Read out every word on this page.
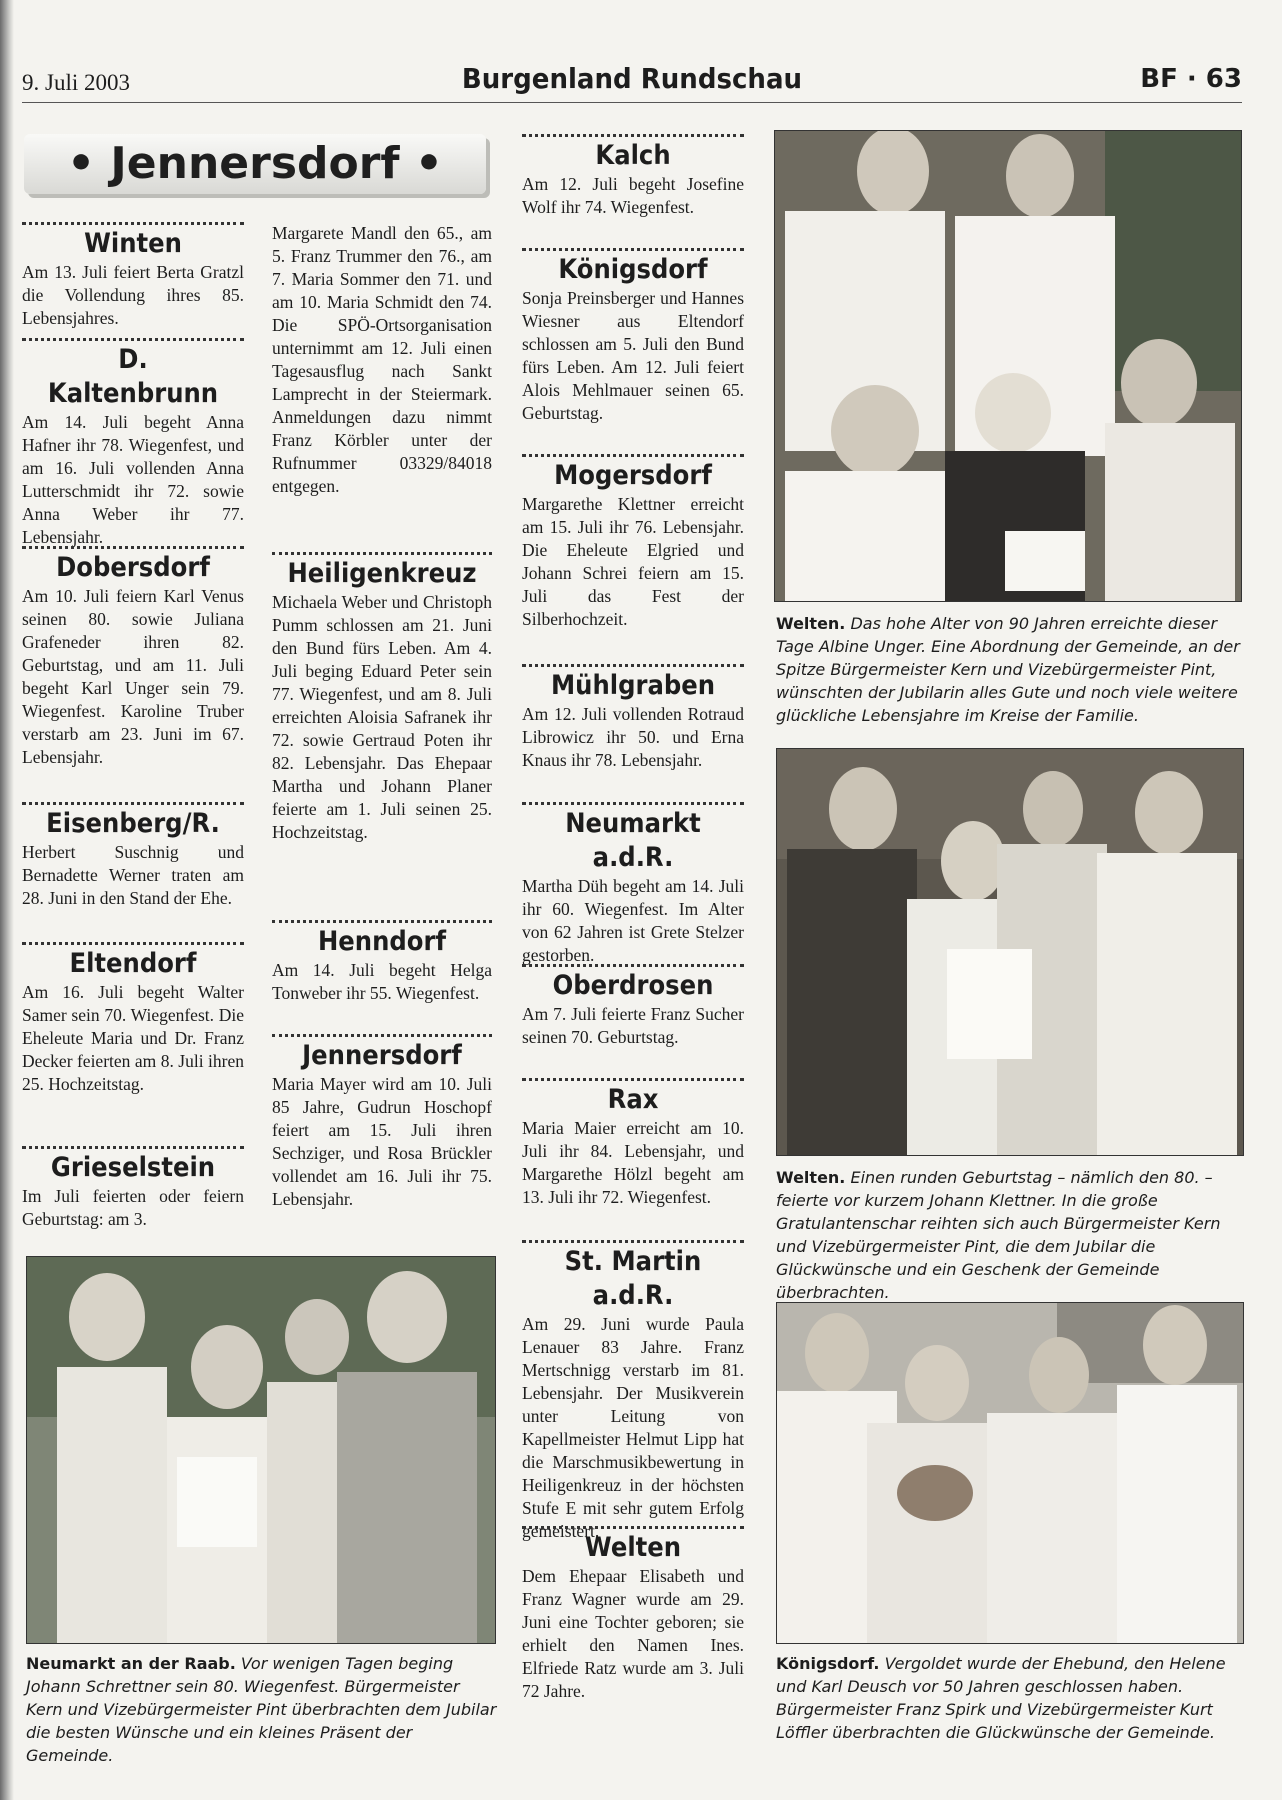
9. Juli 2003	Burgenland Rundschau	BF · 63
• Jennersdorf •
Winten

Am 13. Juli feiert Berta Gratzl die Vollendung ihres 85. Lebensjahres.

D. Kaltenbrunn

Am 14. Juli begeht Anna Hafner ihr 78. Wiegenfest, und am 16. Juli vollenden Anna Lutterschmidt ihr 72. sowie Anna Weber ihr 77. Lebensjahr.

Dobersdorf

Am 10. Juli feiern Karl Venus seinen 80. sowie Juliana Grafeneder ihren 82. Geburtstag, und am 11. Juli begeht Karl Unger sein 79. Wiegenfest. Karoline Truber verstarb am 23. Juni im 67. Lebensjahr.

Eisenberg/R.

Herbert Suschnig und Bernadette Werner traten am 28. Juni in den Stand der Ehe.

Eltendorf

Am 16. Juli begeht Walter Samer sein 70. Wiegenfest. Die Eheleute Maria und Dr. Franz Decker feierten am 8. Juli ihren 25. Hochzeitstag.

Grieselstein

Im Juli feierten oder feiern Geburtstag: am 3.

Margarete Mandl den 65., am 5. Franz Trummer den 76., am 7. Maria Sommer den 71. und am 10. Maria Schmidt den 74. Die SPÖ-Ortsorganisation unternimmt am 12. Juli einen Tagesausflug nach Sankt Lamprecht in der Steiermark. Anmeldungen dazu nimmt Franz Körbler unter der Rufnummer 03329/84018 entgegen.

Heiligenkreuz

Michaela Weber und Christoph Pumm schlossen am 21. Juni den Bund fürs Leben. Am 4. Juli beging Eduard Peter sein 77. Wiegenfest, und am 8. Juli erreichten Aloisia Safranek ihr 72. sowie Gertraud Poten ihr 82. Lebensjahr. Das Ehepaar Martha und Johann Planer feierte am 1. Juli seinen 25. Hochzeitstag.

Henndorf

Am 14. Juli begeht Helga Tonweber ihr 55. Wiegenfest.

Jennersdorf

Maria Mayer wird am 10. Juli 85 Jahre, Gudrun Hoschopf feiert am 15. Juli ihren Sechziger, und Rosa Brückler vollendet am 16. Juli ihr 75. Lebensjahr.

Kalch

Am 12. Juli begeht Josefine Wolf ihr 74. Wiegenfest.

Königsdorf

Sonja Preinsberger und Hannes Wiesner aus Eltendorf schlossen am 5. Juli den Bund fürs Leben. Am 12. Juli feiert Alois Mehlmauer seinen 65. Geburtstag.

Mogersdorf

Margarethe Klettner erreicht am 15. Juli ihr 76. Lebensjahr. Die Eheleute Elgried und Johann Schrei feiern am 15. Juli das Fest der Silberhochzeit.

Mühlgraben

Am 12. Juli vollenden Rotraud Librowicz ihr 50. und Erna Knaus ihr 78. Lebensjahr.

Neumarkt a.d.R.

Martha Düh begeht am 14. Juli ihr 60. Wiegenfest. Im Alter von 62 Jahren ist Grete Stelzer gestorben.

Oberdrosen

Am 7. Juli feierte Franz Sucher seinen 70. Geburtstag.

Rax

Maria Maier erreicht am 10. Juli ihr 84. Lebensjahr, und Margarethe Hölzl begeht am 13. Juli ihr 72. Wiegenfest.

St. Martin a.d.R.

Am 29. Juni wurde Paula Lenauer 83 Jahre. Franz Mertschnigg verstarb im 81. Lebensjahr. Der Musikverein unter Leitung von Kapellmeister Helmut Lipp hat die Marschmusikbewertung in Heiligenkreuz in der höchsten Stufe E mit sehr gutem Erfolg gemeistert.

Welten

Dem Ehepaar Elisabeth und Franz Wagner wurde am 29. Juni eine Tochter geboren; sie erhielt den Namen Ines. Elfriede Ratz wurde am 3. Juli 72 Jahre.

Neumarkt an der Raab. Vor wenigen Tagen beging Johann Schrettner sein 80. Wiegenfest. Bürgermeister Kern und Vizebürgermeister Pint überbrachten dem Jubilar die besten Wünsche und ein kleines Präsent der Gemeinde.
Welten. Das hohe Alter von 90 Jahren erreichte dieser Tage Albine Unger. Eine Abordnung der Gemeinde, an der Spitze Bürgermeister Kern und Vizebürgermeister Pint, wünschten der Jubilarin alles Gute und noch viele weitere glückliche Lebensjahre im Kreise der Familie.
Welten. Einen runden Geburtstag – nämlich den 80. – feierte vor kurzem Johann Klettner. In die große Gratulantenschar reihten sich auch Bürgermeister Kern und Vizebürgermeister Pint, die dem Jubilar die Glückwünsche und ein Geschenk der Gemeinde überbrachten.
Königsdorf. Vergoldet wurde der Ehebund, den Helene und Karl Deusch vor 50 Jahren geschlossen haben. Bürgermeister Franz Spirk und Vizebürgermeister Kurt Löffler überbrachten die Glückwünsche der Gemeinde.
